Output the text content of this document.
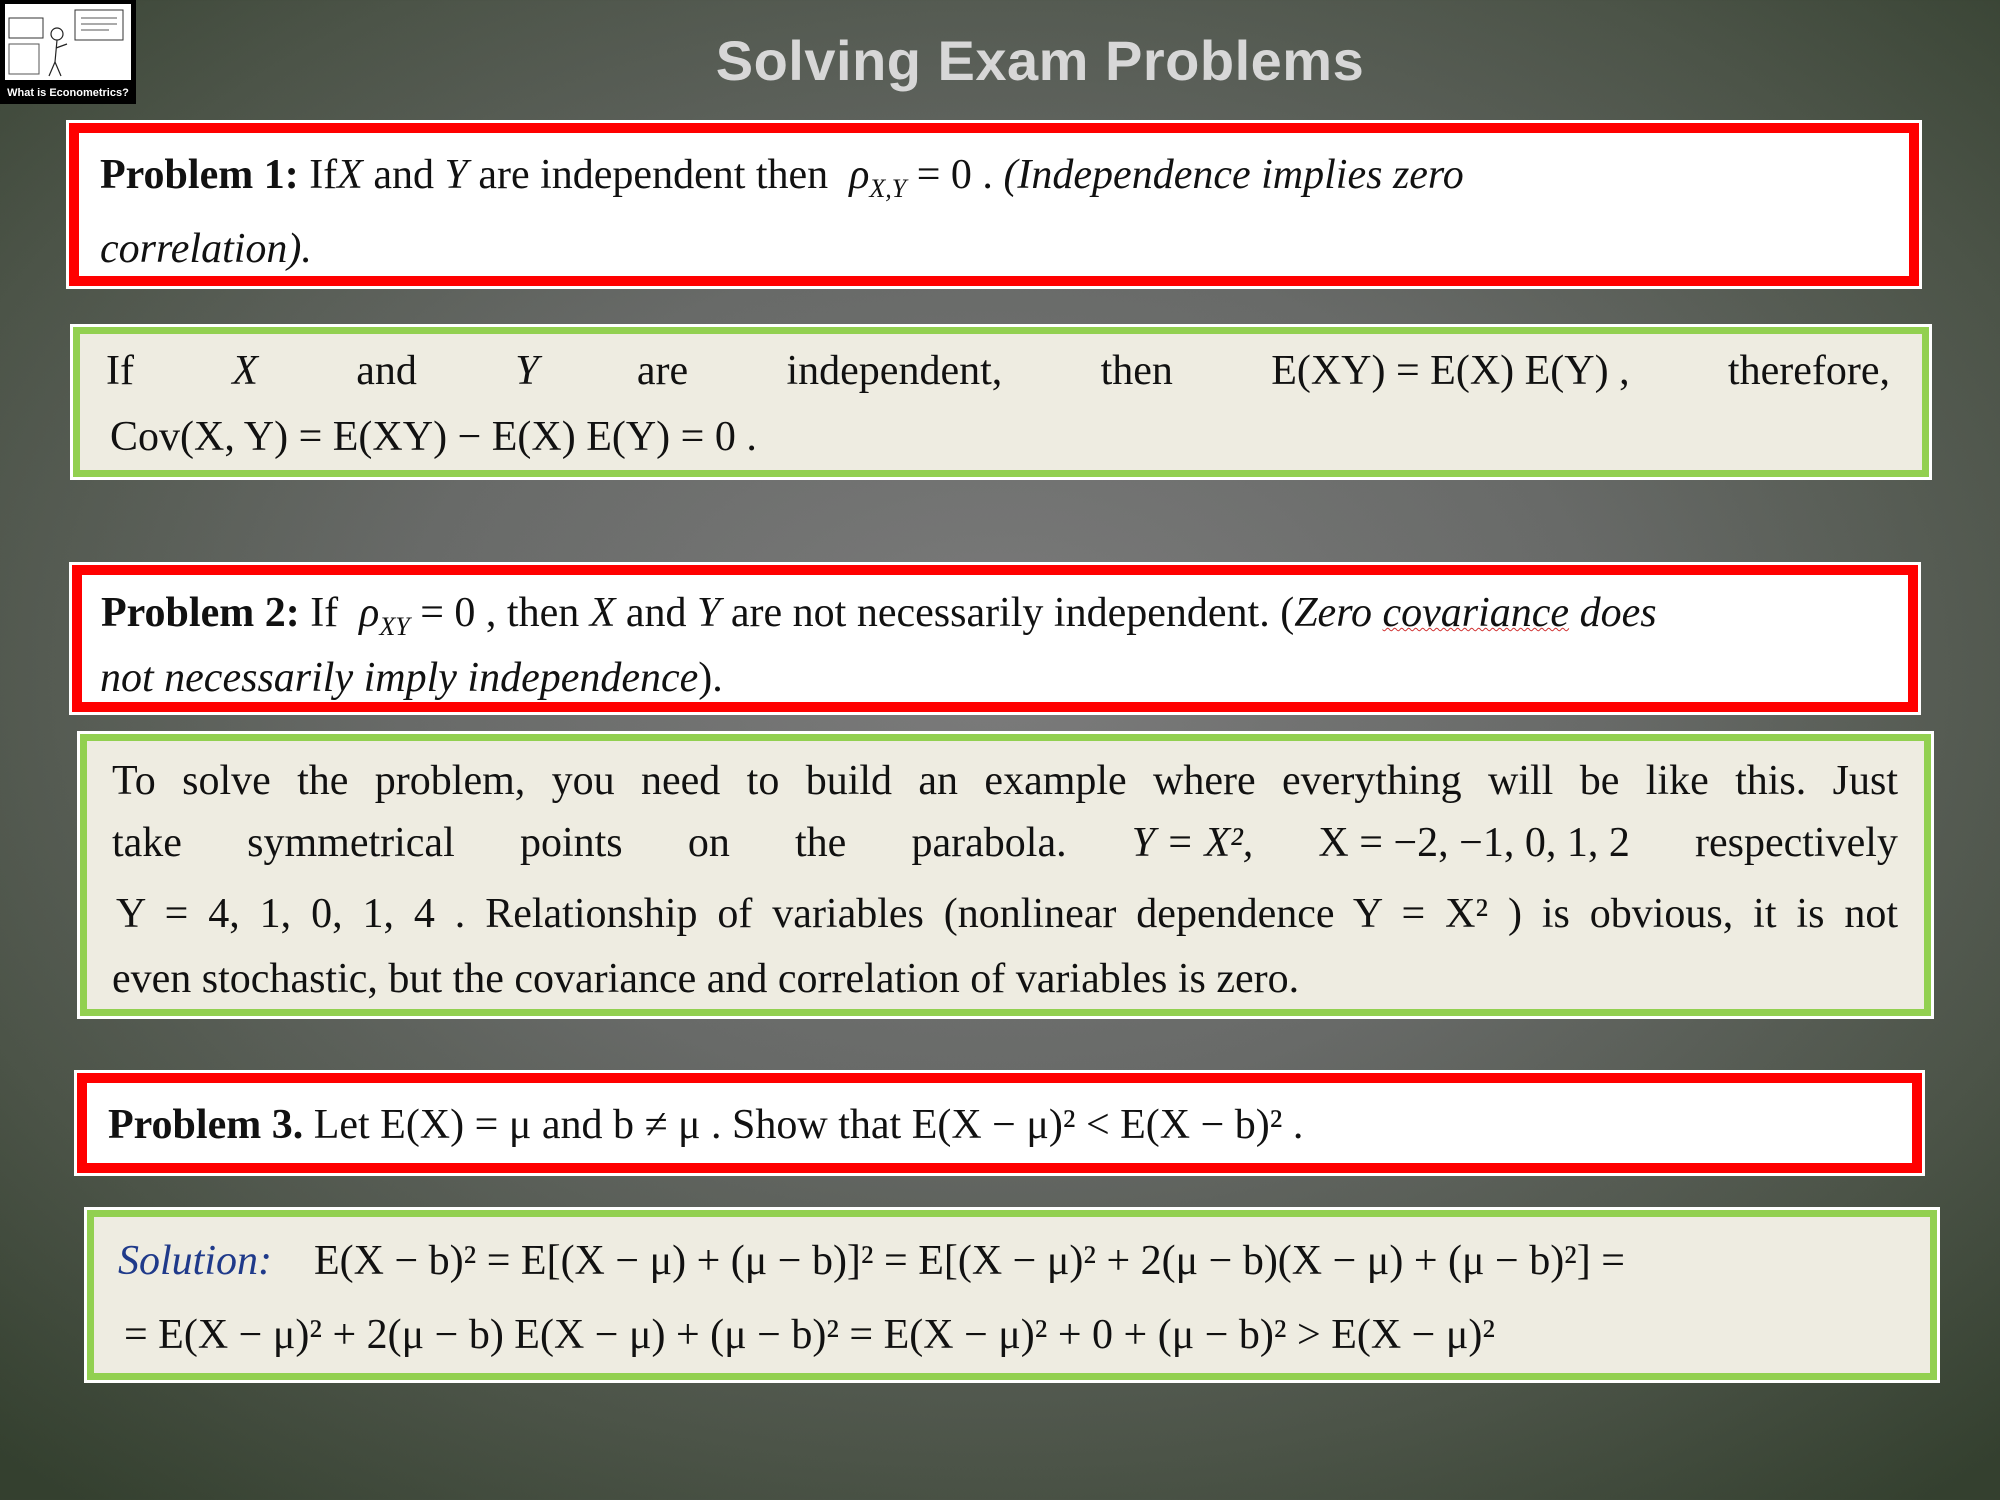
What is Econometrics?
Solving Exam Problems
Problem 1: IfX and Y are independent then $\rho_{X,Y} = 0$ . (Independence implies zero
correlation).
If X and Y are independent, then E(XY) = E(X) E(Y) , therefore,
Cov(X, Y) = E(XY) − E(X) E(Y) = 0 .
Problem 2: If $\rho_{XY} = 0$ , then X and Y are not necessarily independent. (Zero covariance does
not necessarily imply independence).
To solve the problem, you need to build an example where everything will be like this. Just
take symmetrical points on the parabola. Y = X², X = −2, −1, 0, 1, 2 respectively
Y = 4, 1, 0, 1, 4 . Relationship of variables (nonlinear dependence Y = X² ) is obvious, it is not
even stochastic, but the covariance and correlation of variables is zero.
Problem 3. Let E(X) = μ and b ≠ μ . Show that E(X − μ)² < E(X − b)² .
Solution: E(X − b)² = E[(X − μ) + (μ − b)]² = E[(X − μ)² + 2(μ − b)(X − μ) + (μ − b)²] =
= E(X − μ)² + 2(μ − b) E(X − μ) + (μ − b)² = E(X − μ)² + 0 + (μ − b)² > E(X − μ)²
